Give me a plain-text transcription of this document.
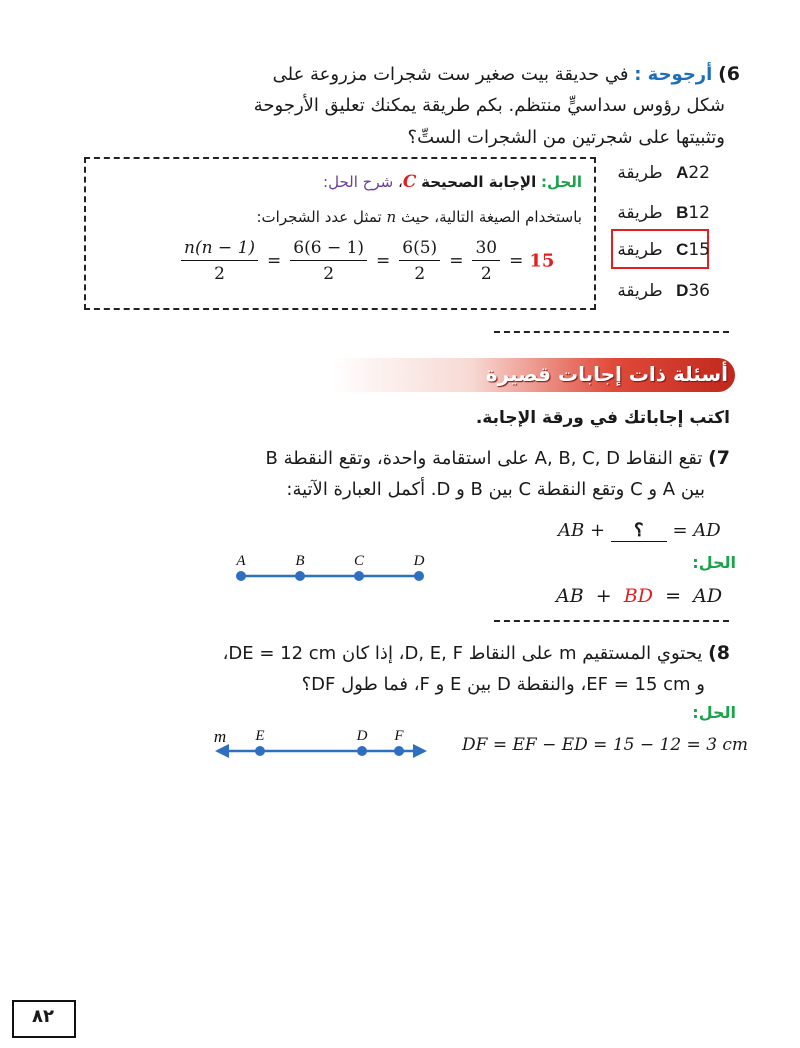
6) أرجوحة : في حديقة بيت صغير ست شجرات مزروعة على
شكل رؤوس سداسيٍّ منتظم. بكم طريقة يمكنك تعليق الأرجوحة
وتثبيتها على شجرتين من الشجرات الستِّ؟
A22 طريقة
B12 طريقة
C15 طريقة
D36 طريقة
الحل: الإجابة الصحيحة C، شرح الحل:
باستخدام الصيغة التالية، حيث n تمثل عدد الشجرات:
$\frac{n(n - 1)}{2} = \frac{6(6 - 1)}{2} = \frac{6(5)}{2} = \frac{30}{2} = 15$
أسئلة ذات إجابات قصيرة
اكتب إجاباتك في ورقة الإجابة.
7) تقع النقاط A, B, C, D على استقامة واحدة، وتقع النقطة B
بين A و C وتقع النقطة C بين B و D. أكمل العبارة الآتية:
AB + ؟ = AD
الحل:
A	B	C	D
AB + BD = AD
8) يحتوي المستقيم m على النقاط D, E, F، إذا كان DE = 12 cm،
و EF = 15 cm، والنقطة D بين E و F، فما طول DF؟
الحل:
m E	D F	DF = EF − ED = 15 − 12 = 3 cm
٨٢
